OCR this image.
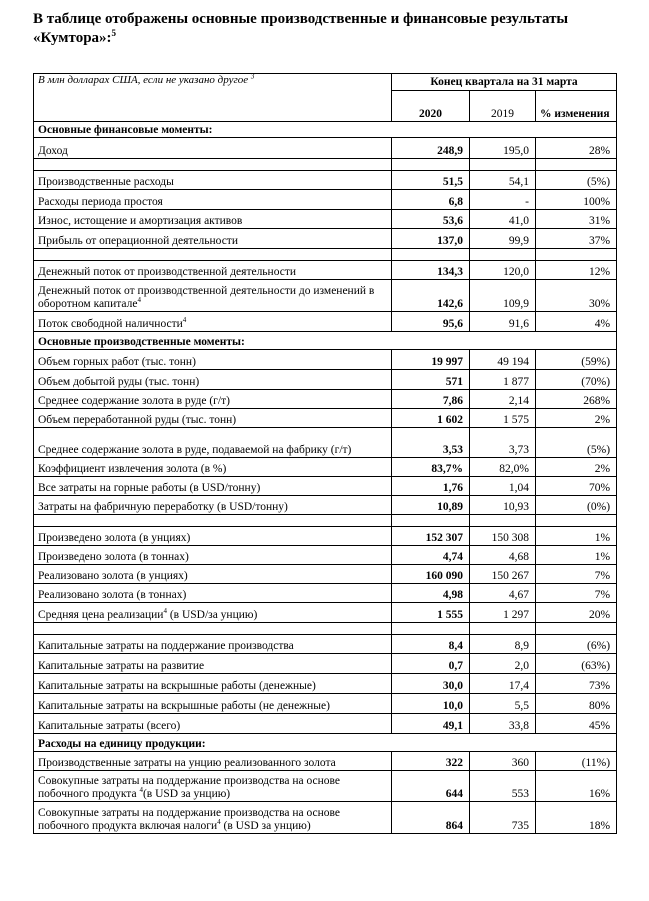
В таблице отображены основные производственные и финансовые результаты «Кумтора»:$^5$
В млн долларах США, если не указано другое $^3$	Конец квартала на 31 марта		
	2020	2019	% изменения
Основные финансовые моменты:			
Доход	248,9	195,0	28%

Производственные расходы	51,5	54,1	(5%)
Расходы периода простоя	6,8	-	100%
Износ, истощение и амортизация активов	53,6	41,0	31%
Прибыль от операционной деятельности	137,0	99,9	37%

Денежный поток от производственной деятельности	134,3	120,0	12%
Денежный поток от производственной деятельности до изменений в оборотном капитале$^4$	142,6	109,9	30%
Поток свободной наличности$^4$	95,6	91,6	4%
Основные производственные моменты:			
Объем горных работ (тыс. тонн)	19 997	49 194	(59%)
Объем добытой руды (тыс. тонн)	571	1 877	(70%)
Среднее содержание золота в руде (г/т)	7,86	2,14	268%
Объем переработанной руды (тыс. тонн)	1 602	1 575	2%
Среднее содержание золота в руде, подаваемой на фабрику (г/т)	3,53	3,73	(5%)
Коэффициент извлечения золота (в %)	83,7%	82,0%	2%
Все затраты на горные работы (в USD/тонну)	1,76	1,04	70%
Затраты на фабричную переработку (в USD/тонну)	10,89	10,93	(0%)

Произведено золота (в унциях)	152 307	150 308	1%
Произведено золота (в тоннах)	4,74	4,68	1%
Реализовано золота (в унциях)	160 090	150 267	7%
Реализовано золота (в тоннах)	4,98	4,67	7%
Средняя цена реализации$^4$ (в USD/за унцию)	1 555	1 297	20%

Капитальные затраты на поддержание производства	8,4	8,9	(6%)
Капитальные затраты на развитие	0,7	2,0	(63%)
Капитальные затраты на вскрышные работы (денежные)	30,0	17,4	73%
Капитальные затраты на вскрышные работы (не денежные)	10,0	5,5	80%
Капитальные затраты (всего)	49,1	33,8	45%
Расходы на единицу продукции:			
Производственные затраты на унцию реализованного золота	322	360	(11%)
Совокупные затраты на поддержание производства на основе побочного продукта $^4$(в USD за унцию)	644	553	16%
Совокупные затраты на поддержание производства на основе побочного продукта включая налоги$^4$ (в USD за унцию)	864	735	18%
